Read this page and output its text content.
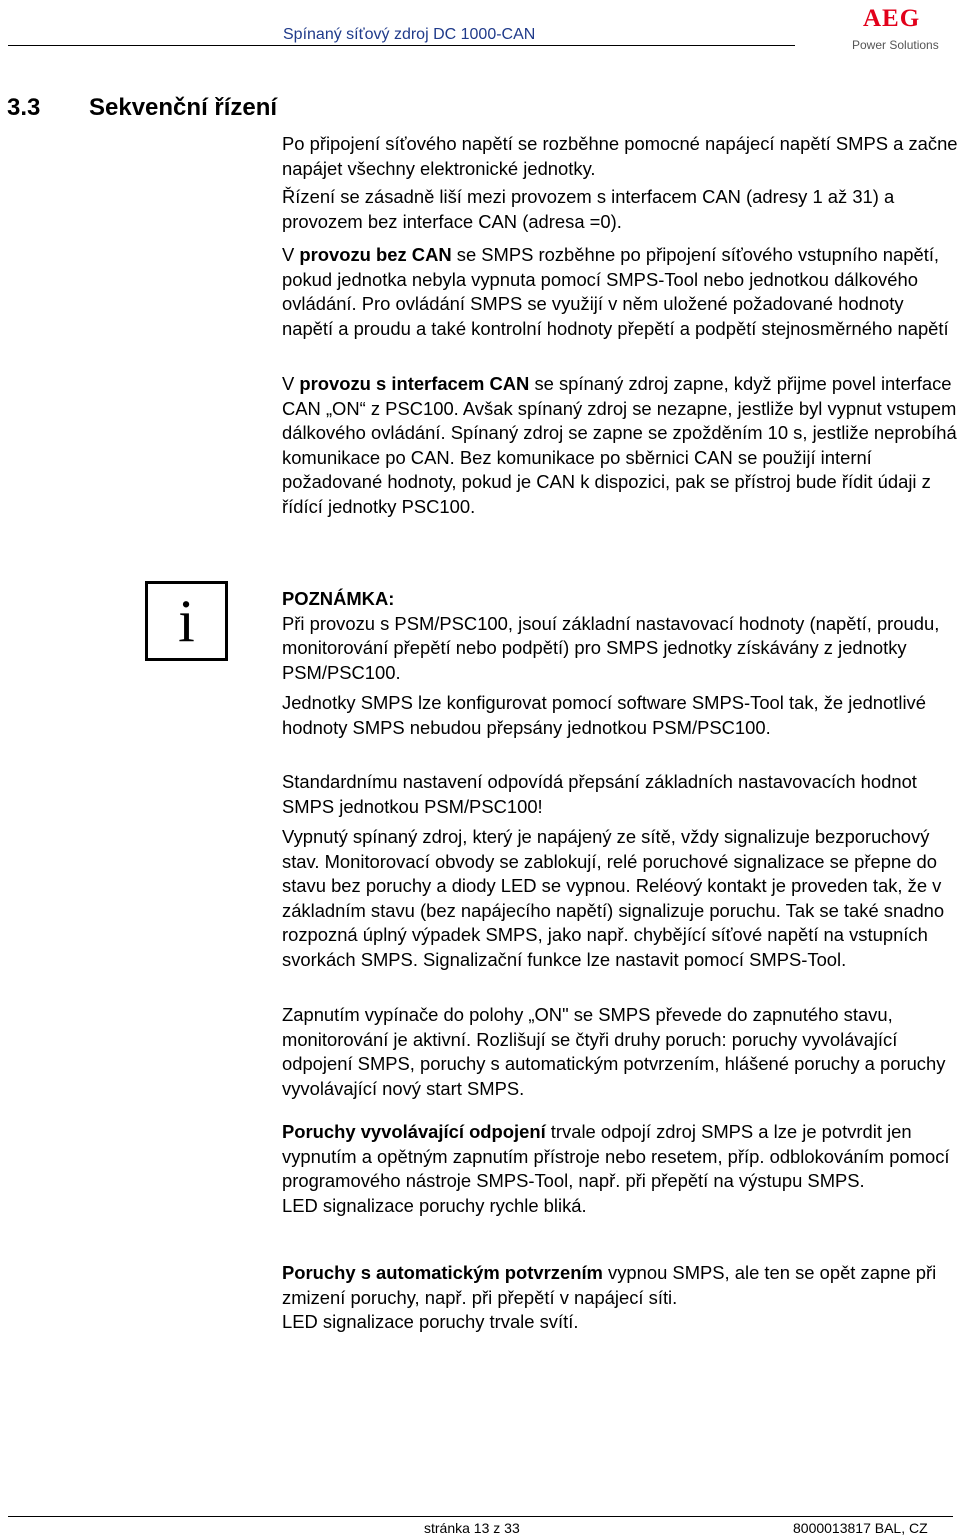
Spínaný síťový zdroj DC 1000-CAN
AEG
Power Solutions
3.3 Sekvenční řízení

Po připojení síťového napětí se rozběhne pomocné napájecí napětí SMPS a začne napájet všechny elektronické jednotky.

Řízení se zásadně liší mezi provozem s interfacem CAN (adresy 1 až 31) a provozem bez interface CAN (adresa =0).

V provozu bez CAN se SMPS rozběhne po připojení síťového vstupního napětí, pokud jednotka nebyla vypnuta pomocí SMPS-Tool nebo jednotkou dálkového ovládání. Pro ovládání SMPS se využijí v něm uložené požadované hodnoty napětí a proudu a také kontrolní hodnoty přepětí a podpětí stejnosměrného napětí

V provozu s interfacem CAN se spínaný zdroj zapne, když přijme povel interface CAN „ON“ z PSC100. Avšak spínaný zdroj se nezapne, jestliže byl vypnut vstupem dálkového ovládání. Spínaný zdroj se zapne se zpožděním 10 s, jestliže neprobíhá komunikace po CAN. Bez komunikace po sběrnici CAN se použijí interní požadované hodnoty, pokud je CAN k dispozici, pak se přístroj bude řídit údaji z řídící jednotky PSC100.

i	POZNÁMKA:

Při provozu s PSM/PSC100, jsouí základní nastavovací hodnoty (napětí, proudu, monitorování přepětí nebo podpětí) pro SMPS jednotky získávány z jednotky PSM/PSC100.

Jednotky SMPS lze konfigurovat pomocí software SMPS-Tool tak, že jednotlivé hodnoty SMPS nebudou přepsány jednotkou PSM/PSC100.

Standardnímu nastavení odpovídá přepsání základních nastavovacích hodnot SMPS jednotkou PSM/PSC100!

Vypnutý spínaný zdroj, který je napájený ze sítě, vždy signalizuje bezporuchový stav. Monitorovací obvody se zablokují, relé poruchové signalizace se přepne do stavu bez poruchy a diody LED se vypnou. Reléový kontakt je proveden tak, že v základním stavu (bez napájecího napětí) signalizuje poruchu. Tak se také snadno rozpozná úplný výpadek SMPS, jako např. chybějící síťové napětí na vstupních svorkách SMPS. Signalizační funkce lze nastavit pomocí SMPS-Tool.

Zapnutím vypínače do polohy „ON" se SMPS převede do zapnutého stavu, monitorování je aktivní. Rozlišují se čtyři druhy poruch: poruchy vyvolávající odpojení SMPS, poruchy s automatickým potvrzením, hlášené poruchy a poruchy vyvolávající nový start SMPS.

Poruchy vyvolávající odpojení trvale odpojí zdroj SMPS a lze je potvrdit jen vypnutím a opětným zapnutím přístroje nebo resetem, příp. odblokováním pomocí programového nástroje SMPS-Tool, např. při přepětí na výstupu SMPS.

LED signalizace poruchy rychle bliká.

Poruchy s automatickým potvrzením vypnou SMPS, ale ten se opět zapne při zmizení poruchy, např. při přepětí v napájecí síti.

LED signalizace poruchy trvale svítí.

stránka 13 z 33	8000013817 BAL, CZ
